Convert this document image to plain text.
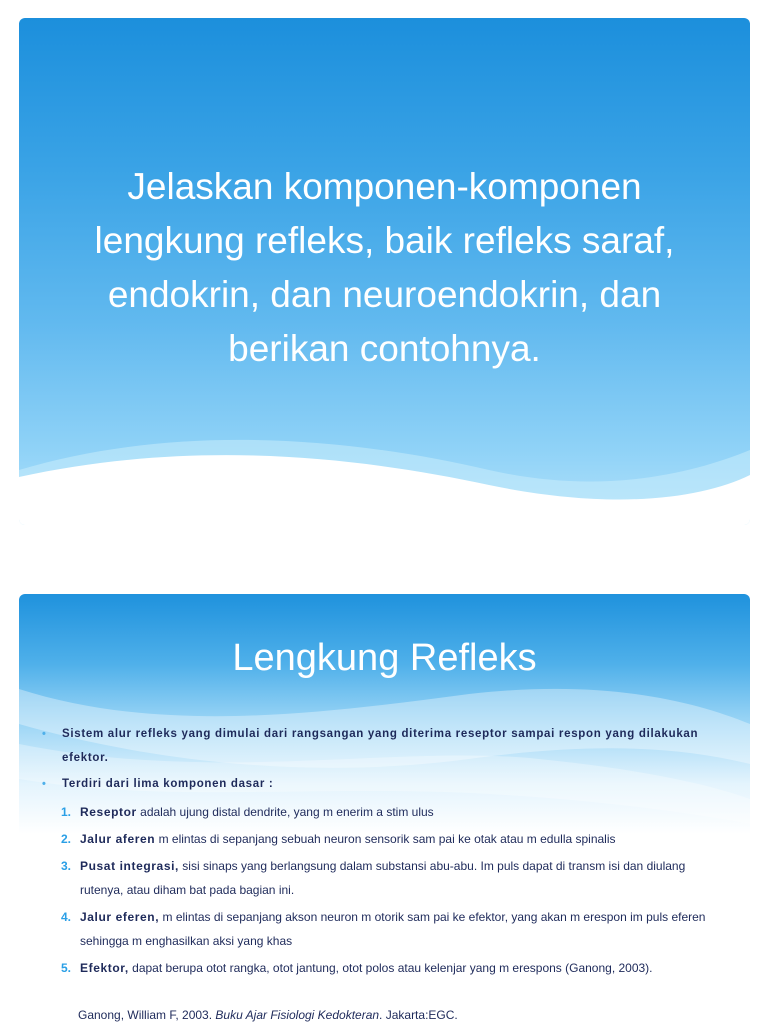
Jelaskan komponen-komponen
lengkung refleks, baik refleks saraf,
endokrin, dan neuroendokrin, dan
berikan contohnya.
Lengkung Refleks
• Sistem alur refleks yang dimulai dari rangsangan yang diterima reseptor sampai respon yang dilakukan efektor.
• Terdiri dari lima komponen dasar :
1. Reseptor adalah ujung distal dendrite, yang m enerim a stim ulus
2. Jalur aferen m elintas di sepanjang sebuah neuron sensorik sam pai ke otak atau m edulla spinalis
3. Pusat integrasi, sisi sinaps yang berlangsung dalam substansi abu-abu. Im puls dapat di transm isi dan diulang rutenya, atau diham bat pada bagian ini.
4. Jalur eferen, m elintas di sepanjang akson neuron m otorik sam pai ke efektor, yang akan m erespon im puls eferen sehingga m enghasilkan aksi yang khas
5. Efektor, dapat berupa otot rangka, otot jantung, otot polos atau kelenjar yang m erespons (Ganong, 2003).
Ganong, William F, 2003. Buku Ajar Fisiologi Kedokteran. Jakarta:EGC.
